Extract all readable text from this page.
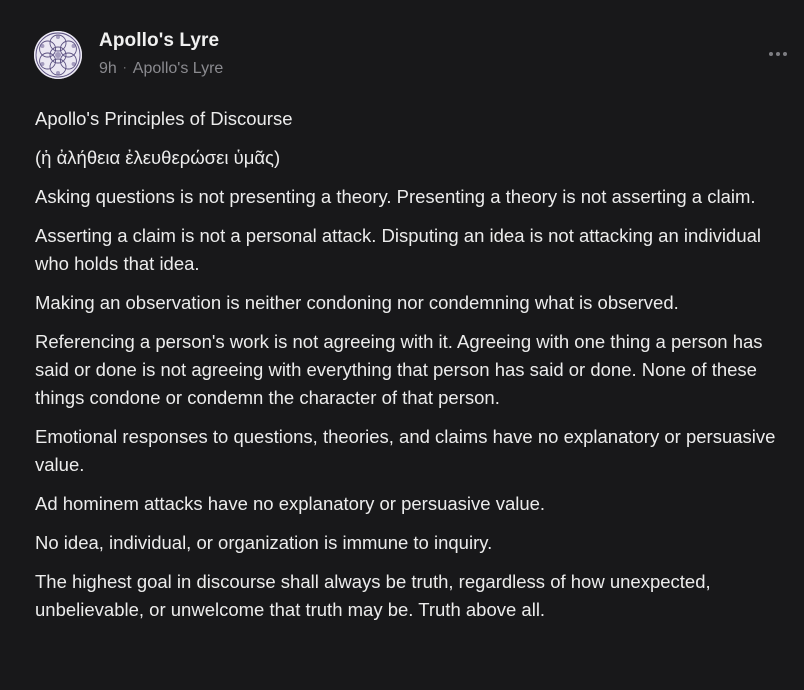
Apollo's Lyre
9h · Apollo's Lyre

Apollo's Principles of Discourse

(ἡ ἀλήθεια ἐλευθερώσει ὑμᾶς)

Asking questions is not presenting a theory. Presenting a theory is not asserting a claim.

Asserting a claim is not a personal attack. Disputing an idea is not attacking an individual who holds that idea.

Making an observation is neither condoning nor condemning what is observed.

Referencing a person's work is not agreeing with it. Agreeing with one thing a person has said or done is not agreeing with everything that person has said or done. None of these things condone or condemn the character of that person.

Emotional responses to questions, theories, and claims have no explanatory or persuasive value.

Ad hominem attacks have no explanatory or persuasive value.

No idea, individual, or organization is immune to inquiry.

The highest goal in discourse shall always be truth, regardless of how unexpected, unbelievable, or unwelcome that truth may be. Truth above all.
